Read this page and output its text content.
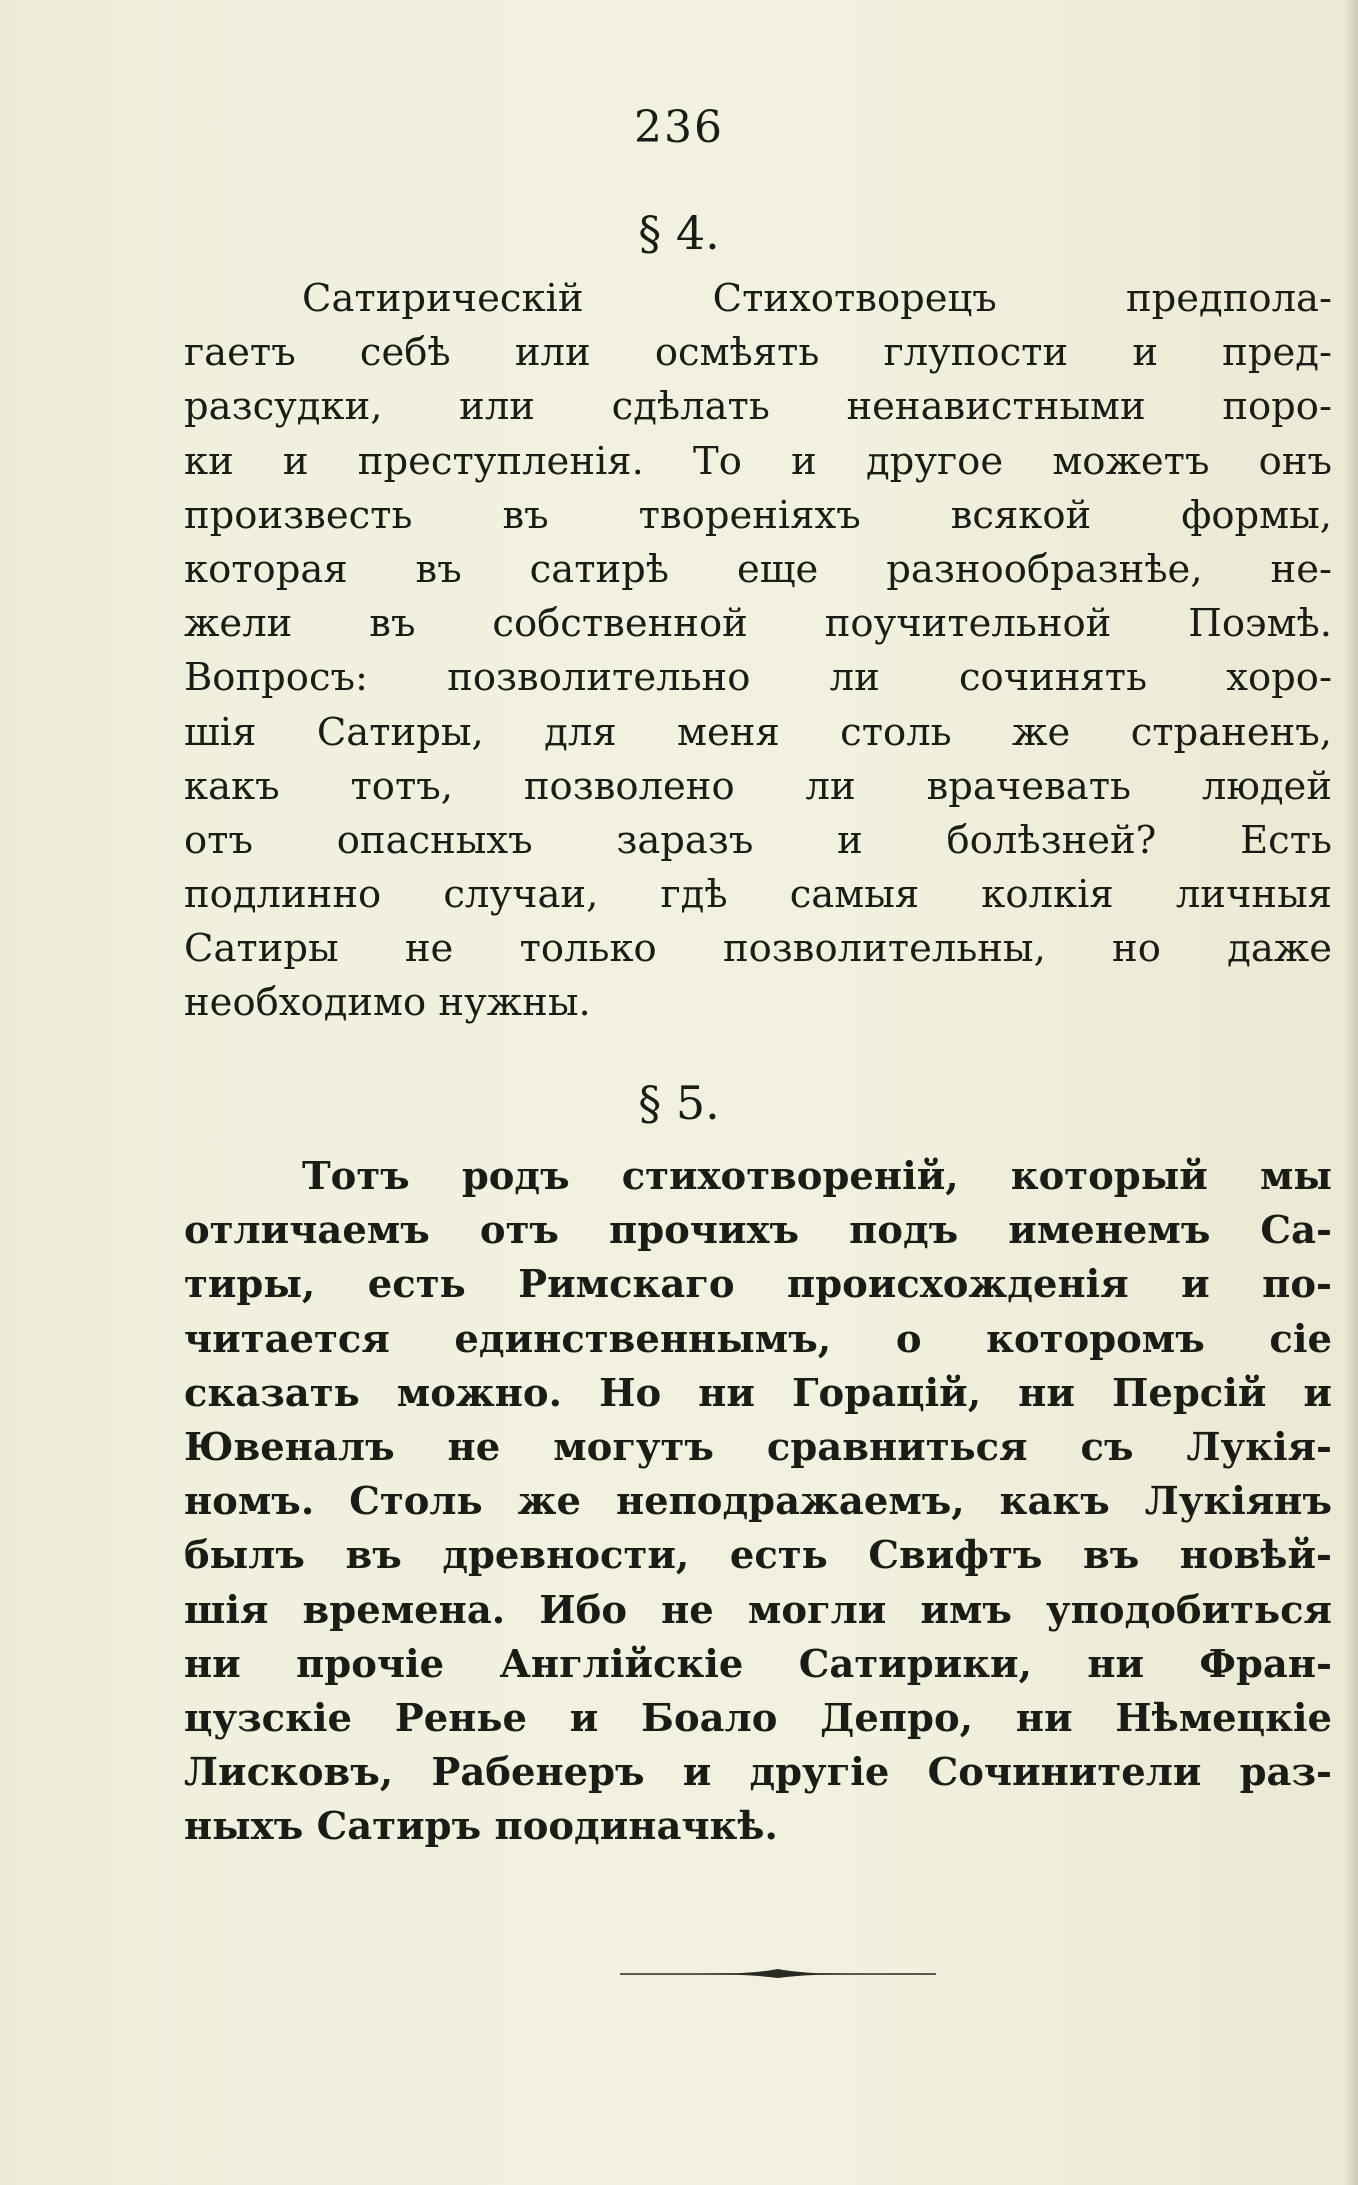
236
§ 4.
Сатирическій Стихотворецъ предпола-
гаетъ себѣ или осмѣять глупости и пред-
разсудки, или сдѣлать ненавистными поро-
ки и преступленія. То и другое можетъ онъ
произвесть въ твореніяхъ всякой формы,
которая въ сатирѣ еще разнообразнѣе, не-
жели въ собственной поучительной Поэмѣ.
Вопросъ: позволительно ли сочинять хоро-
шія Сатиры, для меня столь же страненъ,
какъ тотъ, позволено ли врачевать людей
отъ опасныхъ заразъ и болѣзней? Есть
подлинно случаи, гдѣ самыя колкія личныя
Сатиры не только позволительны, но даже
необходимо нужны.
§ 5.
Тотъ родъ стихотвореній, который мы
отличаемъ отъ прочихъ подъ именемъ Са-
тиры, есть Римскаго происхожденія и по-
читается единственнымъ, о которомъ сіе
сказать можно. Но ни Горацій, ни Персій и
Ювеналъ не могутъ сравниться съ Лукія-
номъ. Столь же неподражаемъ, какъ Лукіянъ
былъ въ древности, есть Свифтъ въ новѣй-
шія времена. Ибо не могли имъ уподобиться
ни прочіе Англійскіе Сатирики, ни Фран-
цузскіе Ренье и Боало Депро, ни Нѣмецкіе
Лисковъ, Рабенеръ и другіе Сочинители раз-
ныхъ Сатиръ поодиначкѣ.
